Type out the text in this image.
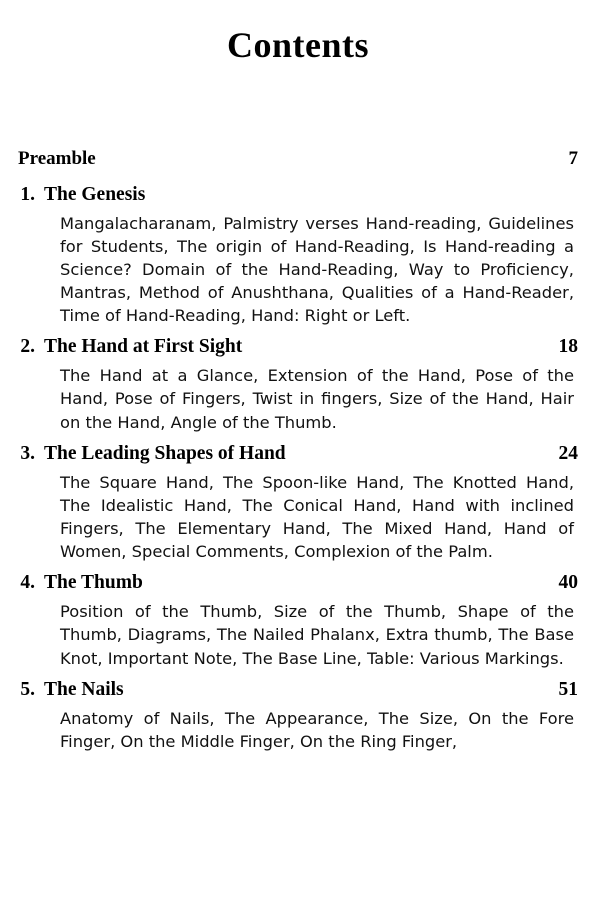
Contents
Preamble	7
1. The Genesis
Mangalacharanam, Palmistry verses Hand-reading, Guidelines for Students, The origin of Hand-Reading, Is Hand-reading a Science? Domain of the Hand-Reading, Way to Proficiency, Mantras, Method of Anushthana, Qualities of a Hand-Reader, Time of Hand-Reading, Hand: Right or Left.
2. The Hand at First Sight	18
The Hand at a Glance, Extension of the Hand, Pose of the Hand, Pose of Fingers, Twist in fingers, Size of the Hand, Hair on the Hand, Angle of the Thumb.
3. The Leading Shapes of Hand	24
The Square Hand, The Spoon-like Hand, The Knotted Hand, The Idealistic Hand, The Conical Hand, Hand with inclined Fingers, The Elementary Hand, The Mixed Hand, Hand of Women, Special Comments, Complexion of the Palm.
4. The Thumb	40
Position of the Thumb, Size of the Thumb, Shape of the Thumb, Diagrams, The Nailed Phalanx, Extra thumb, The Base Knot, Important Note, The Base Line, Table: Various Markings.
5. The Nails	51
Anatomy of Nails, The Appearance, The Size, On the Fore Finger, On the Middle Finger, On the Ring Finger,
